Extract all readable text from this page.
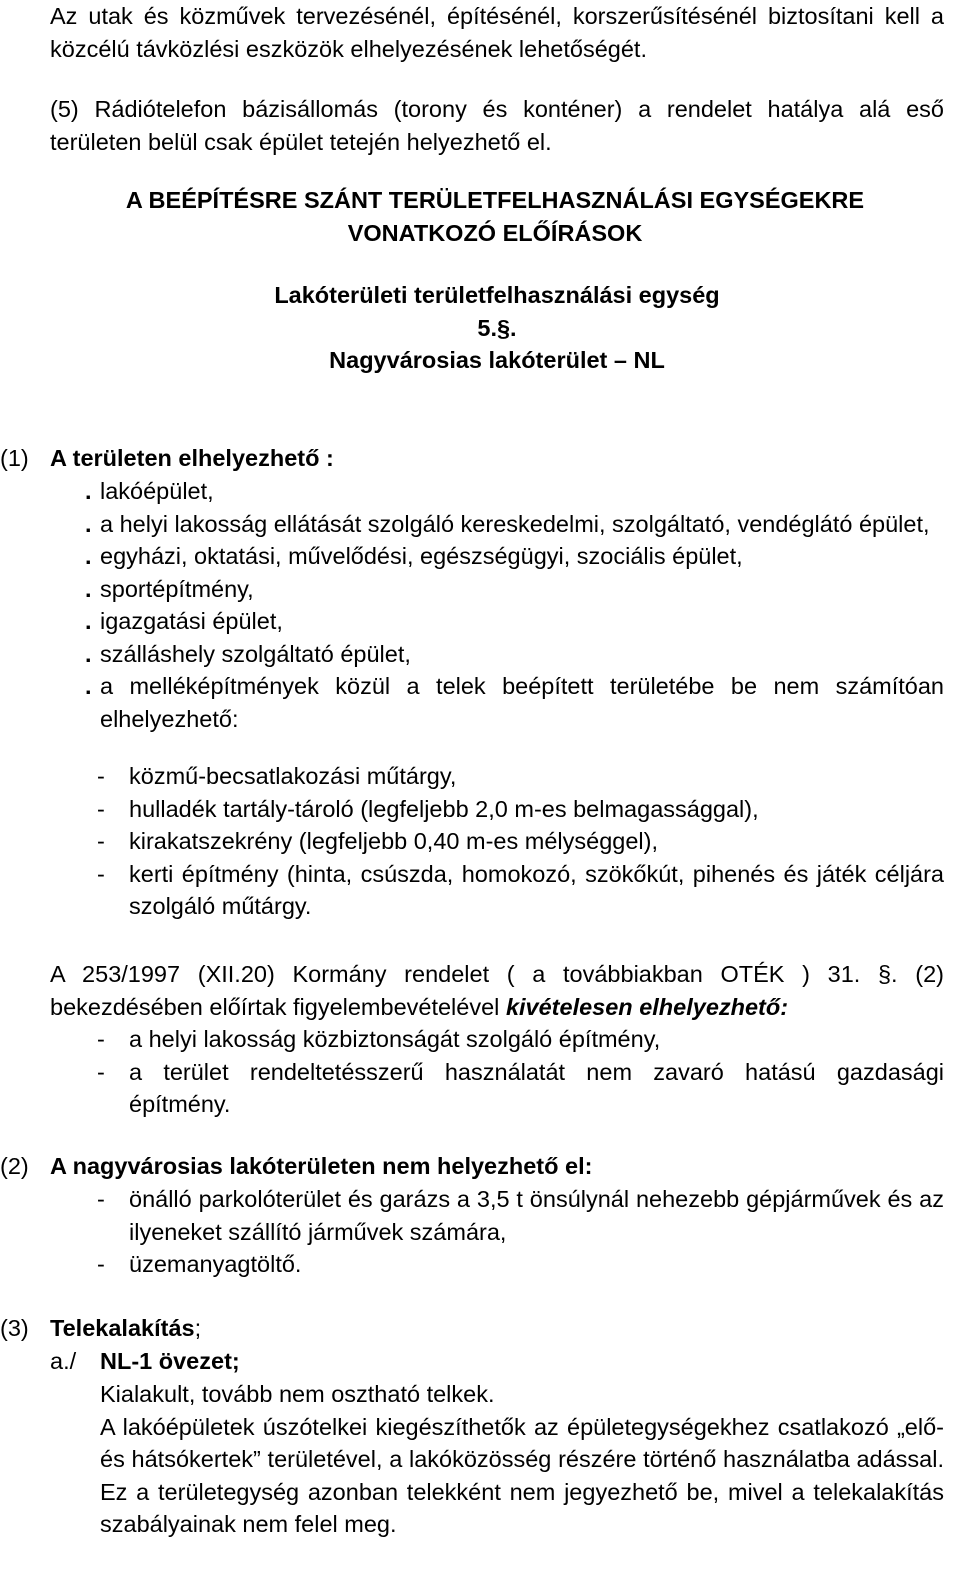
Az utak és közművek tervezésénél, építésénél, korszerűsítésénél biztosítani kell a közcélú távközlési eszközök elhelyezésének lehetőségét.

(5) Rádiótelefon bázisállomás (torony és konténer) a rendelet hatálya alá eső területen belül csak épület tetején helyezhető el.

A BEÉPÍTÉSRE SZÁNT TERÜLETFELHASZNÁLÁSI EGYSÉGEKRE

VONATKOZÓ ELŐÍRÁSOK

Lakóterületi területfelhasználási egység

5.§.

Nagyvárosias lakóterület – NL

. lakóépület,
. a helyi lakosság ellátását szolgáló kereskedelmi, szolgáltató, vendéglátó épület,
. egyházi, oktatási, művelődési, egészségügyi, szociális épület,
. sportépítmény,
. igazgatási épület,
. szálláshely szolgáltató épület,
. a melléképítmények közül a telek beépített területébe be nem számítóan elhelyezhető:
-	közmű-becsatlakozási műtárgy,
-	hulladék tartály-tároló (legfeljebb 2,0 m-es belmagassággal),
-	kirakatszekrény (legfeljebb 0,40 m-es mélységgel),
-	kerti építmény (hinta, csúszda, homokozó, szökőkút, pihenés és játék céljára szolgáló műtárgy.
A 253/1997 (XII.20) Kormány rendelet ( a továbbiakban OTÉK ) 31. §. (2) bekezdésében előírtak figyelembevételével kivételesen elhelyezhető:
-	a helyi lakosság közbiztonságát szolgáló építmény,
-	a terület rendeltetésszerű használatát nem zavaró hatású gazdasági építmény.
(2) A nagyvárosias lakóterületen nem helyezhető el:
-	önálló parkolóterület és garázs a 3,5 t önsúlynál nehezebb gépjárművek és az ilyeneket szállító járművek számára,
-	üzemanyagtöltő.
(3) Telekalakítás;
a./	NL-1 övezet;
Kialakult, tovább nem osztható telkek.
A lakóépületek úszótelkei kiegészíthetők az épületegységekhez csatlakozó „elő- és hátsókertek” területével, a lakóközösség részére történő használatba adással. Ez a területegység azonban telekként nem jegyezhető be, mivel a telekalakítás szabályainak nem felel meg.
(1) A területen elhelyezhető :
